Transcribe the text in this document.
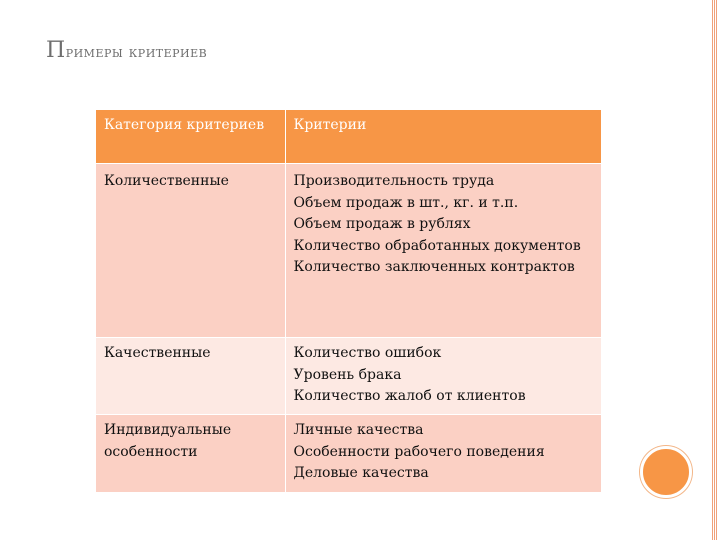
Примеры критериев
Категория критериев	Критерии
Количественные	Производительность труда
Объем продаж в шт., кг. и т.п.
Объем продаж в рублях
Количество обработанных документов
Количество заключенных контрактов

Качественные	Количество ошибок
Уровень брака
Количество жалоб от клиентов

Индивидуальные особенности	Личные качества
Особенности рабочего поведения
Деловые качества
